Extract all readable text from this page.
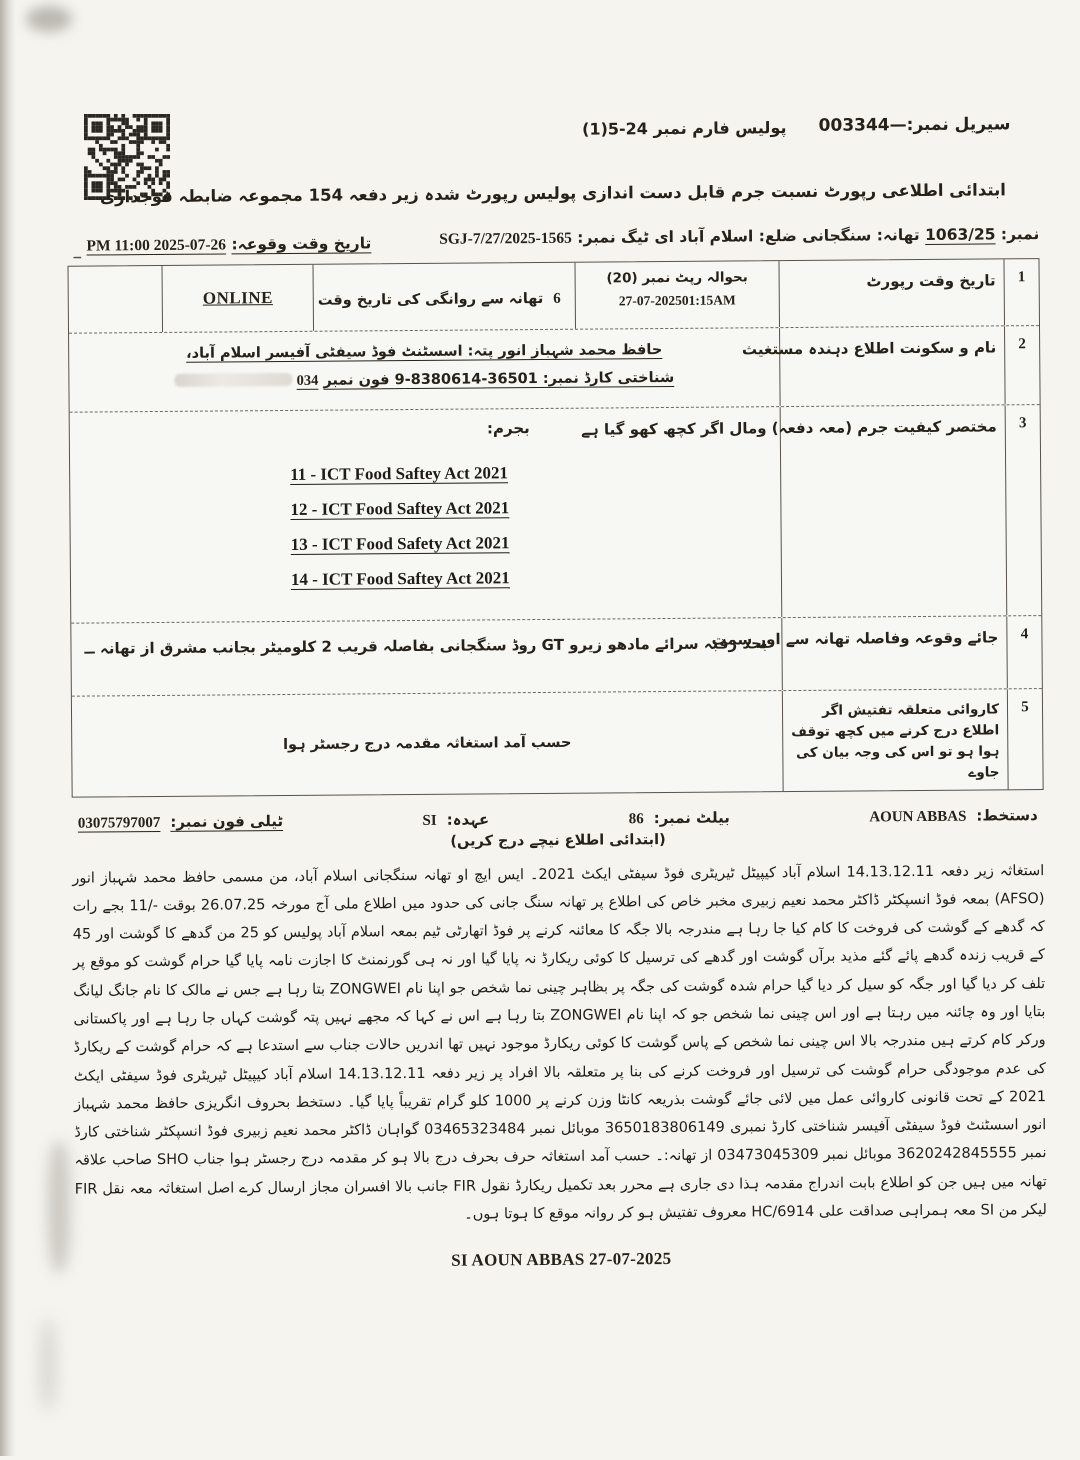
سیریل نمبر:—003344
پولیس فارم نمبر 24-5(1)
ابتدائی اطلاعی رپورٹ نسبت جرم قابل دست اندازی پولیس رپورٹ شدہ زیر دفعہ 154 مجموعہ ضابطہ فوجداری
نمبر: 1063/25 تھانہ: سنگجانی ضلع: اسلام آباد ای ٹیگ نمبر: SGJ-7/27/2025-1565
تاریخ وقت وقوعہ: 26-07-2025 11:00 PM _
1
تاریخ وقت رپورٹ
بحوالہ رپٹ نمبر (20)
27-07-202501:15AM
6
تھانہ سے روانگی کی تاریخ وقت
ONLINE
2
نام و سکونت اطلاع دہندہ مستغیث
حافظ محمد شہباز انور پتہ: اسسٹنٹ فوڈ سیفٹی آفیسر اسلام آباد،
شناختی کارڈ نمبر: 36501-8380614-9 فون نمبر 034
3
مختصر کیفیت جرم (معہ دفعہ) ومال اگر کچھ کھو گیا ہے
بجرم:
11 - ICT Food Saftey Act 2021
12 - ICT Food Saftey Act 2021
13 - ICT Food Safety Act 2021
14 - ICT Food Saftey Act 2021
4
جائے وقوعہ وفاصلہ تھانہ سے اور سمت
بحد رقبہ سرائے مادھو زیرو GT روڈ سنگجانی بفاصلہ قریب 2 کلومیٹر بجانب مشرق از تھانہ ــ
5
کاروائی متعلقہ تفتیش اگر اطلاع درج کرنے میں کچھ توقف ہوا ہو تو اس کی وجہ بیان کی جاوے
حسب آمد استغاثہ مقدمہ درج رجسٹر ہوا
دستخط:
AOUN ABBAS
بیلٹ نمبر:
86
عہدہ:
SI
ٹیلی فون نمبر:
03075797007
(ابتدائی اطلاع نیچے درج کریں)
استغاثہ زیر دفعہ 14.13.12.11 اسلام آباد کیپیٹل ٹیریٹری فوڈ سیفٹی ایکٹ 2021۔ ایس ایچ او تھانہ سنگجانی اسلام آباد، من مسمی حافظ محمد شہباز انور (AFSO) بمعہ فوڈ انسپکٹر ڈاکٹر محمد نعیم زبیری مخبر خاص کی اطلاع پر تھانہ سنگ جانی کی حدود میں اطلاع ملی آج مورخہ 26.07.25 بوقت -/11 بجے رات کہ گدھے کے گوشت کی فروخت کا کام کیا جا رہا ہے مندرجہ بالا جگہ کا معائنہ کرنے پر فوڈ اتھارٹی ٹیم بمعہ اسلام آباد پولیس کو 25 من گدھے کا گوشت اور 45 کے قریب زندہ گدھے پائے گئے مذید برآں گوشت اور گدھے کی ترسیل کا کوئی ریکارڈ نہ پایا گیا اور نہ ہی گورنمنٹ کا اجازت نامہ پایا گیا حرام گوشت کو موقع پر تلف کر دیا گیا اور جگہ کو سیل کر دیا گیا حرام شدہ گوشت کی جگہ پر بظاہر چینی نما شخص جو اپنا نام ZONGWEI بتا رہا ہے جس نے مالک کا نام جانگ لیانگ بتایا اور وہ چائنہ میں رہتا ہے اور اس چینی نما شخص جو کہ اپنا نام ZONGWEI بتا رہا ہے اس نے کہا کہ مجھے نہیں پتہ گوشت کہاں جا رہا ہے اور پاکستانی ورکر کام کرتے ہیں مندرجہ بالا اس چینی نما شخص کے پاس گوشت کا کوئی ریکارڈ موجود نہیں تھا اندریں حالات جناب سے استدعا ہے کہ حرام گوشت کے ریکارڈ کی عدم موجودگی حرام گوشت کی ترسیل اور فروخت کرنے کی بنا پر متعلقہ بالا افراد پر زیر دفعہ 14.13.12.11 اسلام آباد کیپیٹل ٹیریٹری فوڈ سیفٹی ایکٹ 2021 کے تحت قانونی کاروائی عمل میں لائی جائے گوشت بذریعہ کانٹا وزن کرنے پر 1000 کلو گرام تقریباً پایا گیا۔ دستخط بحروف انگریزی حافظ محمد شہباز انور اسسٹنٹ فوڈ سیفٹی آفیسر شناختی کارڈ نمبری 3650183806149 موبائل نمبر 03465323484 گواہان ڈاکٹر محمد نعیم زبیری فوڈ انسپکٹر شناختی کارڈ نمبر 3620242845555 موبائل نمبر 03473045309 از تھانہ:۔ حسب آمد استغاثہ حرف بحرف درج بالا ہو کر مقدمہ درج رجسٹر ہوا جناب SHO صاحب علاقہ تھانہ میں ہیں جن کو اطلاع بابت اندراج مقدمہ ہذا دی جاری ہے محرر بعد تکمیل ریکارڈ نقول FIR جانب بالا افسران مجاز ارسال کرے اصل استغاثہ معہ نقل FIR لیکر من SI معہ ہمراہی صداقت علی HC/6914 معروف تفتیش ہو کر روانہ موقع کا ہوتا ہوں۔
SI AOUN ABBAS 27-07-2025
